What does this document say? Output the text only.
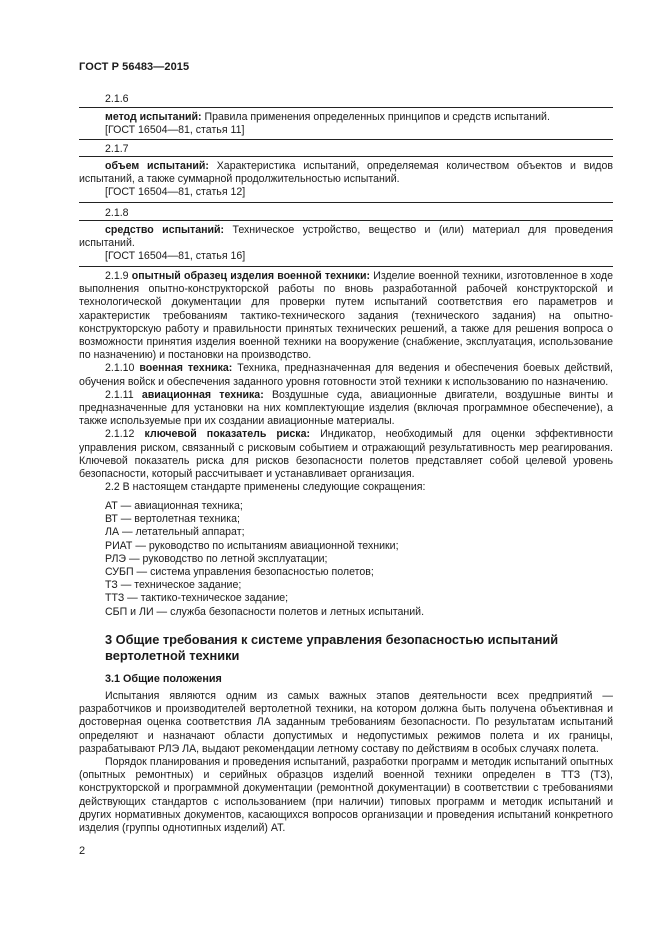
ГОСТ Р 56483—2015
2.1.6

метод испытаний: Правила применения определенных принципов и средств испытаний.

[ГОСТ 16504—81, статья 11]

2.1.7

объем испытаний: Характеристика испытаний, определяемая количеством объектов и видов испытаний, а также суммарной продолжительностью испытаний.

[ГОСТ 16504—81, статья 12]

2.1.8

средство испытаний: Техническое устройство, вещество и (или) материал для проведения испытаний.

[ГОСТ 16504—81, статья 16]

2.1.9 опытный образец изделия военной техники: Изделие военной техники, изготовленное в ходе выполнения опытно-конструкторской работы по вновь разработанной рабочей конструкторской и технологической документации для проверки путем испытаний соответствия его параметров и характеристик требованиям тактико-технического задания (технического задания) на опытно-конструкторскую работу и правильности принятых технических решений, а также для решения вопроса о возможности принятия изделия военной техники на вооружение (снабжение, эксплуатация, использование по назначению) и постановки на производство.

2.1.10 военная техника: Техника, предназначенная для ведения и обеспечения боевых действий, обучения войск и обеспечения заданного уровня готовности этой техники к использованию по назначению.

2.1.11 авиационная техника: Воздушные суда, авиационные двигатели, воздушные винты и предназначенные для установки на них комплектующие изделия (включая программное обеспечение), а также используемые при их создании авиационные материалы.

2.1.12 ключевой показатель риска: Индикатор, необходимый для оценки эффективности управления риском, связанный с рисковым событием и отражающий результативность мер реагирования. Ключевой показатель риска для рисков безопасности полетов представляет собой целевой уровень безопасности, который рассчитывает и устанавливает организация.

2.2 В настоящем стандарте применены следующие сокращения:

АТ — авиационная техника;
ВТ — вертолетная техника;
ЛА — летательный аппарат;
РИАТ — руководство по испытаниям авиационной техники;
РЛЭ — руководство по летной эксплуатации;
СУБП — система управления безопасностью полетов;
ТЗ — техническое задание;
ТТЗ — тактико-техническое задание;
СБП и ЛИ — служба безопасности полетов и летных испытаний.
3 Общие требования к системе управления безопасностью испытаний вертолетной техники
3.1 Общие положения

Испытания являются одним из самых важных этапов деятельности всех предприятий — разработчиков и производителей вертолетной техники, на котором должна быть получена объективная и достоверная оценка соответствия ЛА заданным требованиям безопасности. По результатам испытаний определяют и назначают области допустимых и недопустимых режимов полета и их границы, разрабатывают РЛЭ ЛА, выдают рекомендации летному составу по действиям в особых случаях полета.

Порядок планирования и проведения испытаний, разработки программ и методик испытаний опытных (опытных ремонтных) и серийных образцов изделий военной техники определен в ТТЗ (ТЗ), конструкторской и программной документации (ремонтной документации) в соответствии с требованиями действующих стандартов с использованием (при наличии) типовых программ и методик испытаний и других нормативных документов, касающихся вопросов организации и проведения испытаний конкретного изделия (группы однотипных изделий) АТ.

2
